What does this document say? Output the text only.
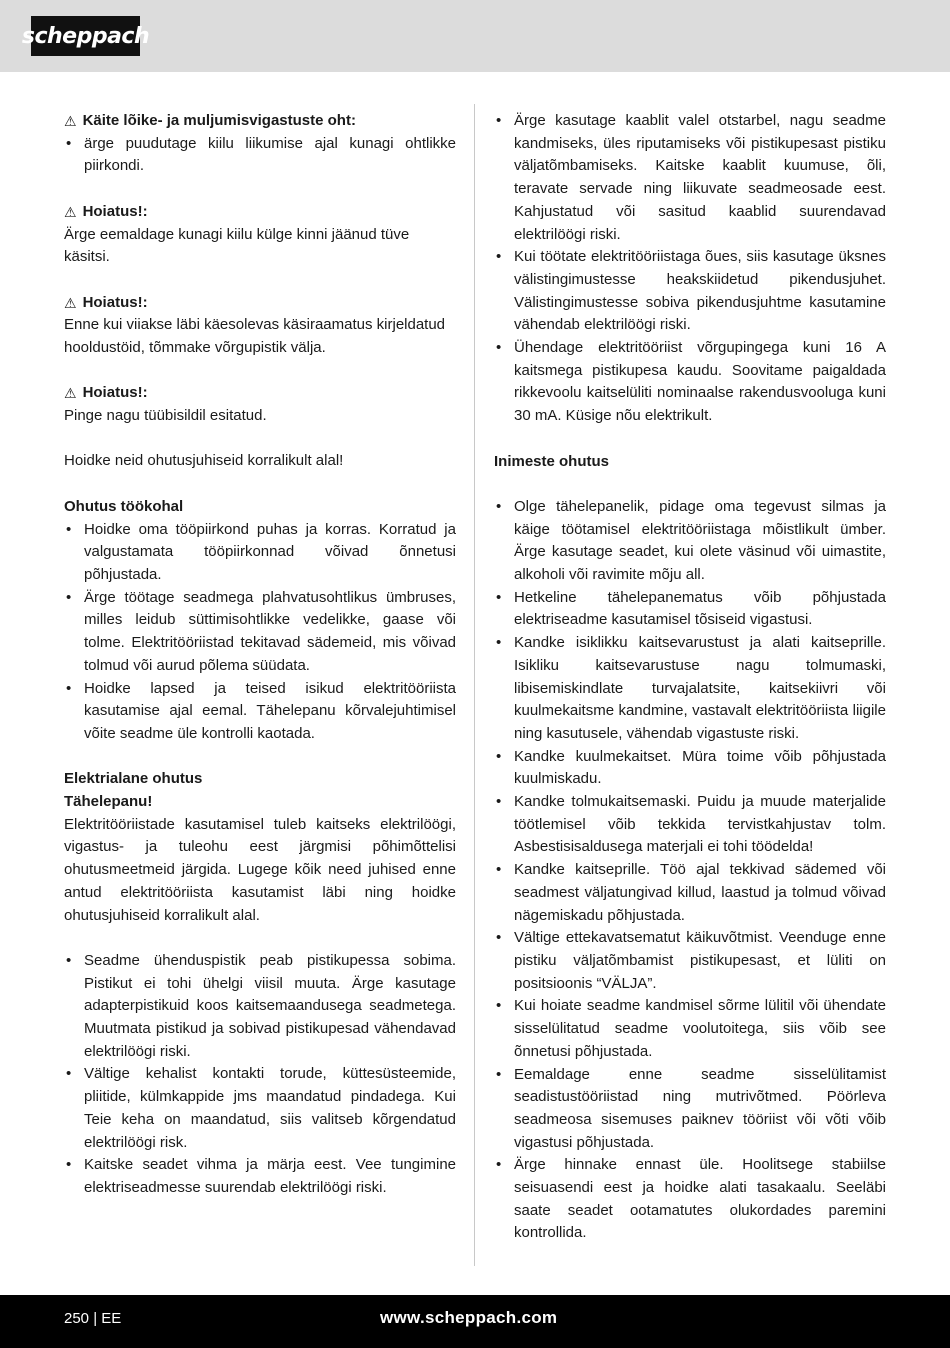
scheppach
⚠ Käite lõike- ja muljumisvigastuste oht:
• ärge puudutage kiilu liikumise ajal kunagi ohtlikke piirkondi.
⚠ Hoiatus!:

Ärge eemaldage kunagi kiilu külge kinni jäänud tüve käsitsi.

⚠ Hoiatus!:

Enne kui viiakse läbi käesolevas käsiraamatus kirjeldatud hooldustöid, tõmmake võrgupistik välja.

⚠ Hoiatus!:

Pinge nagu tüübisildil esitatud.

Hoidke neid ohutusjuhiseid korralikult alal!

Ohutus töökohal
• Hoidke oma tööpiirkond puhas ja korras. Korratud ja valgustamata tööpiirkonnad võivad õnnetusi põhjustada.
• Ärge töötage seadmega plahvatusohtlikus ümbruses, milles leidub süttimisohtlikke vedelikke, gaase või tolme. Elektritööriistad tekitavad sädemeid, mis võivad tolmud või aurud põlema süüdata.
• Hoidke lapsed ja teised isikud elektritööriista kasutamise ajal eemal. Tähelepanu kõrvalejuhtimisel võite seadme üle kontrolli kaotada.
Elektrialane ohutus
Tähelepanu!

Elektritööriistade kasutamisel tuleb kaitseks elektrilöögi, vigastus- ja tuleohu eest järgmisi põhimõttelisi ohutusmeetmeid järgida. Lugege kõik need juhised enne antud elektritööriista kasutamist läbi ning hoidke ohutusjuhiseid korralikult alal.

• Seadme ühenduspistik peab pistikupessa sobima. Pistikut ei tohi ühelgi viisil muuta. Ärge kasutage adapterpistikuid koos kaitsemaandusega seadmetega. Muutmata pistikud ja sobivad pistikupesad vähendavad elektrilöögi riski.
• Vältige kehalist kontakti torude, küttesüsteemide, pliitide, külmkappide jms maandatud pindadega. Kui Teie keha on maandatud, siis valitseb kõrgendatud elektrilöögi risk.
• Kaitske seadet vihma ja märja eest. Vee tungimine elektriseadmesse suurendab elektrilöögi riski.
• Ärge kasutage kaablit valel otstarbel, nagu seadme kandmiseks, üles riputamiseks või pistikupesast pistiku väljatõmbamiseks. Kaitske kaablit kuumuse, õli, teravate servade ning liikuvate seadmeosade eest. Kahjustatud või sasitud kaablid suurendavad elektrilöögi riski.
• Kui töötate elektritööriistaga õues, siis kasutage üksnes välistingimustesse heakskiidetud pikendusjuhet. Välistingimustesse sobiva pikendusjuhtme kasutamine vähendab elektrilöögi riski.
• Ühendage elektritööriist võrgupingega kuni 16 A kaitsmega pistikupesa kaudu. Soovitame paigaldada rikkevoolu kaitselüliti nominaalse rakendusvooluga kuni 30 mA. Küsige nõu elektrikult.
Inimeste ohutus
• Olge tähelepanelik, pidage oma tegevust silmas ja käige töötamisel elektritööriistaga mõistlikult ümber. Ärge kasutage seadet, kui olete väsinud või uimastite, alkoholi või ravimite mõju all.
• Hetkeline tähelepanematus võib põhjustada elektriseadme kasutamisel tõsiseid vigastusi.
• Kandke isiklikku kaitsevarustust ja alati kaitseprille. Isikliku kaitsevarustuse nagu tolmumaski, libisemiskindlate turvajalatsite, kaitsekiivri või kuulmekaitsme kandmine, vastavalt elektritööriista liigile ning kasutusele, vähendab vigastuste riski.
• Kandke kuulmekaitset. Müra toime võib põhjustada kuulmiskadu.
• Kandke tolmukaitsemaski. Puidu ja muude materjalide töötlemisel võib tekkida tervistkahjustav tolm. Asbestisisaldusega materjali ei tohi töödelda!
• Kandke kaitseprille. Töö ajal tekkivad sädemed või seadmest väljatungivad killud, laastud ja tolmud võivad nägemiskadu põhjustada.
• Vältige ettekavatsematut käikuvõtmist. Veenduge enne pistiku väljatõmbamist pistikupesast, et lüliti on positsioonis “VÄLJA”.
• Kui hoiate seadme kandmisel sõrme lülitil või ühendate sisselülitatud seadme voolutoitega, siis võib see õnnetusi põhjustada.
• Eemaldage enne seadme sisselülitamist seadistustööriistad ning mutrivõtmed. Pöörleva seadmeosa sisemuses paiknev tööriist või võti võib vigastusi põhjustada.
• Ärge hinnake ennast üle. Hoolitsege stabiilse seisuasendi eest ja hoidke alati tasakaalu. Seeläbi saate seadet ootamatutes olukordades paremini kontrollida.
250 | EE	www.scheppach.com
